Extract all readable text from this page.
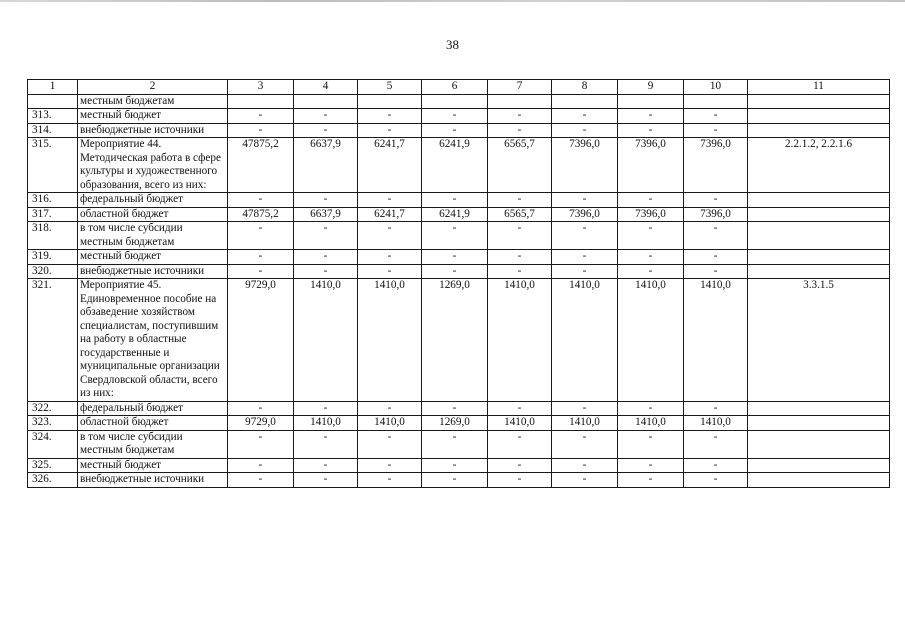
38
1	2	3	4	5	6	7	8	9	10	11
	местным бюджетам									
313.	местный бюджет	-	-	-	-	-	-	-	-	
314.	внебюджетные источники	-	-	-	-	-	-	-	-	
315.	Мероприятие 44. Методическая работа в сфере культуры и художественного образования, всего из них:	47875,2	6637,9	6241,7	6241,9	6565,7	7396,0	7396,0	7396,0	2.2.1.2, 2.2.1.6
316.	федеральный бюджет	-	-	-	-	-	-	-	-	
317.	областной бюджет	47875,2	6637,9	6241,7	6241,9	6565,7	7396,0	7396,0	7396,0	
318.	в том числе субсидии местным бюджетам	-	-	-	-	-	-	-	-	
319.	местный бюджет	-	-	-	-	-	-	-	-	
320.	внебюджетные источники	-	-	-	-	-	-	-	-	
321.	Мероприятие 45. Единовременное пособие на обзаведение хозяйством специалистам, поступившим на работу в областные государственные и муниципальные организации Свердловской области, всего из них:	9729,0	1410,0	1410,0	1269,0	1410,0	1410,0	1410,0	1410,0	3.3.1.5
322.	федеральный бюджет	-	-	-	-	-	-	-	-	
323.	областной бюджет	9729,0	1410,0	1410,0	1269,0	1410,0	1410,0	1410,0	1410,0	
324.	в том числе субсидии местным бюджетам	-	-	-	-	-	-	-	-	
325.	местный бюджет	-	-	-	-	-	-	-	-	
326.	внебюджетные источники	-	-	-	-	-	-	-	-	
